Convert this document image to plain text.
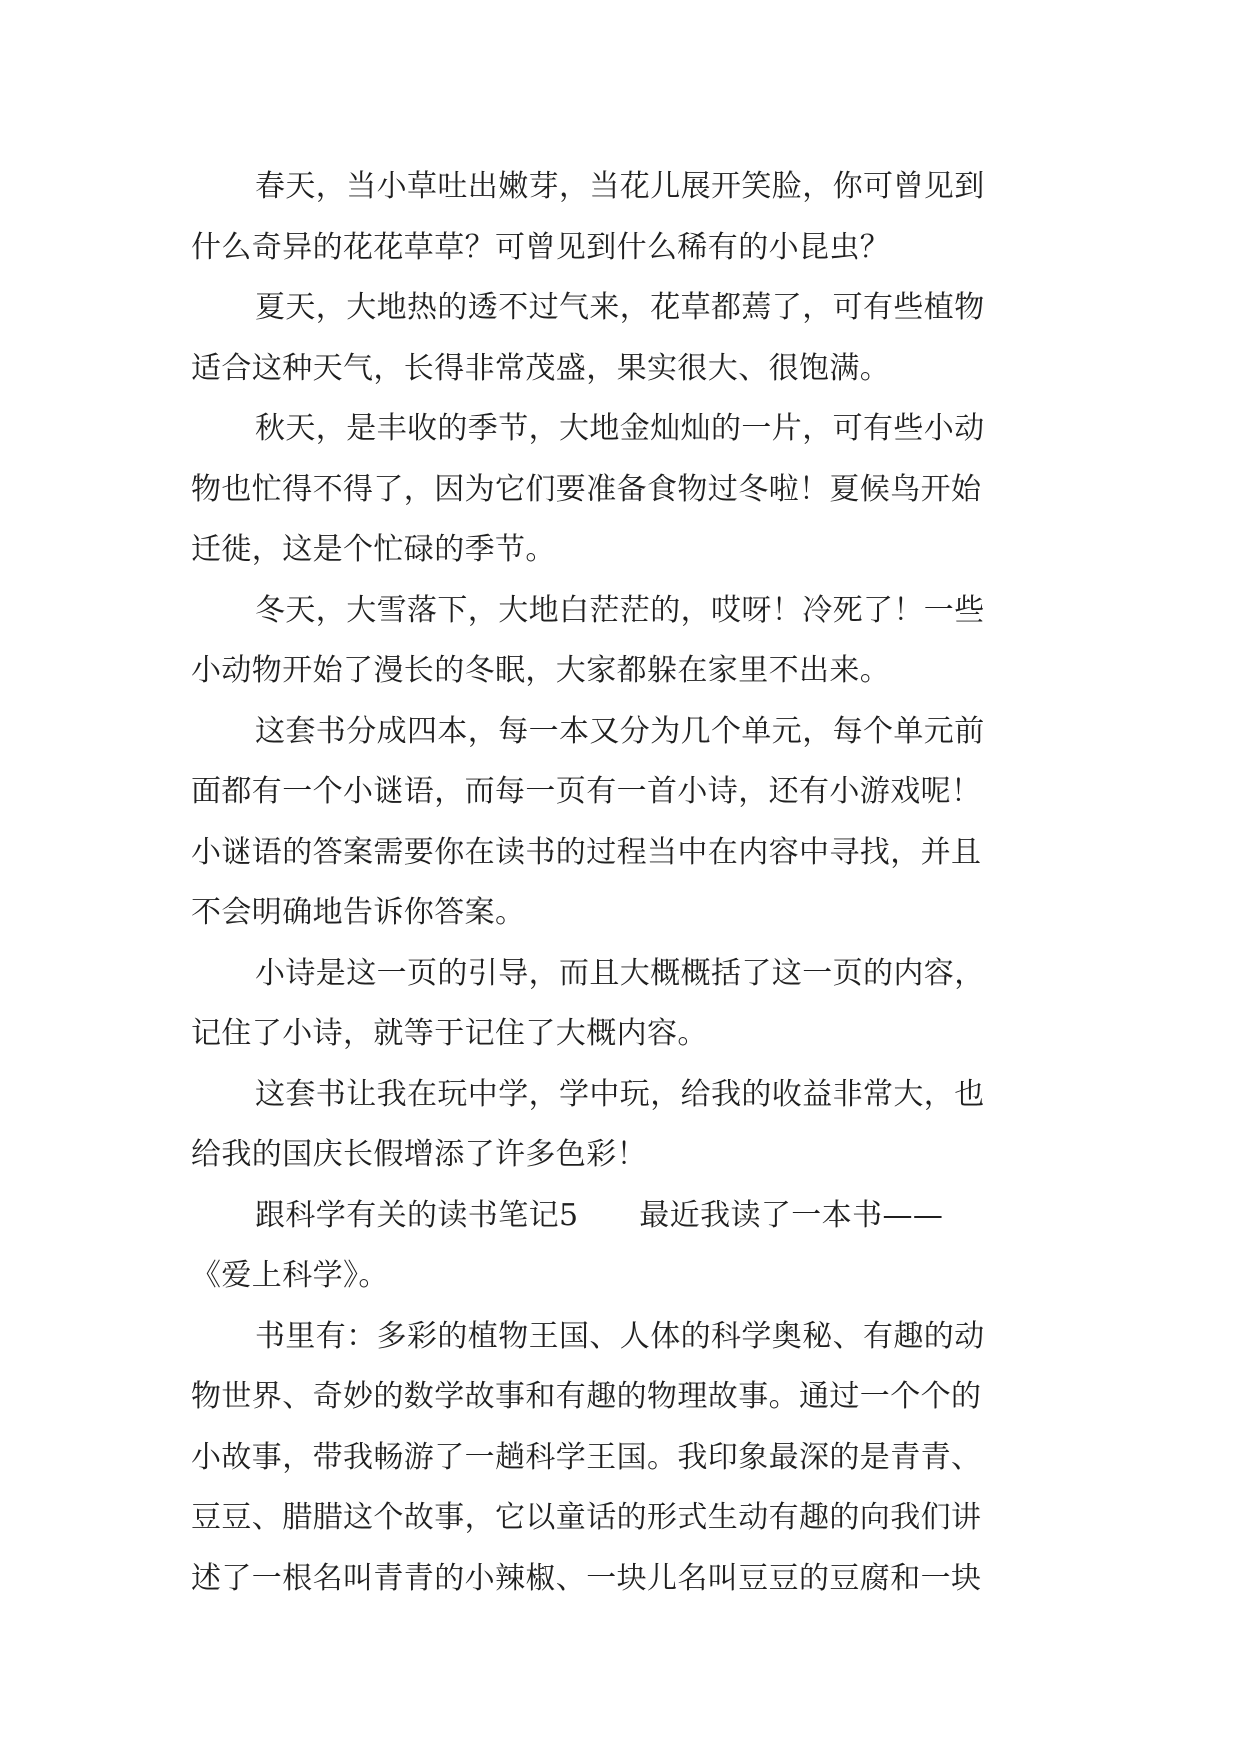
春天，当小草吐出嫩芽，当花儿展开笑脸，你可曾见到
什么奇异的花花草草？可曾见到什么稀有的小昆虫？

夏天，大地热的透不过气来，花草都蔫了，可有些植物
适合这种天气，长得非常茂盛，果实很大、很饱满。

秋天，是丰收的季节，大地金灿灿的一片，可有些小动
物也忙得不得了，因为它们要准备食物过冬啦！夏候鸟开始
迁徙，这是个忙碌的季节。

冬天，大雪落下，大地白茫茫的，哎呀！冷死了！一些
小动物开始了漫长的冬眠，大家都躲在家里不出来。

这套书分成四本，每一本又分为几个单元，每个单元前
面都有一个小谜语，而每一页有一首小诗，还有小游戏呢！
小谜语的答案需要你在读书的过程当中在内容中寻找，并且
不会明确地告诉你答案。

小诗是这一页的引导，而且大概概括了这一页的内容，
记住了小诗，就等于记住了大概内容。

这套书让我在玩中学，学中玩，给我的收益非常大，也
给我的国庆长假增添了许多色彩！

跟科学有关的读书笔记5　　最近我读了一本书——
《爱上科学》。

书里有：多彩的植物王国、人体的科学奥秘、有趣的动
物世界、奇妙的数学故事和有趣的物理故事。通过一个个的
小故事，带我畅游了一趟科学王国。我印象最深的是青青、
豆豆、腊腊这个故事，它以童话的形式生动有趣的向我们讲
述了一根名叫青青的小辣椒、一块儿名叫豆豆的豆腐和一块
